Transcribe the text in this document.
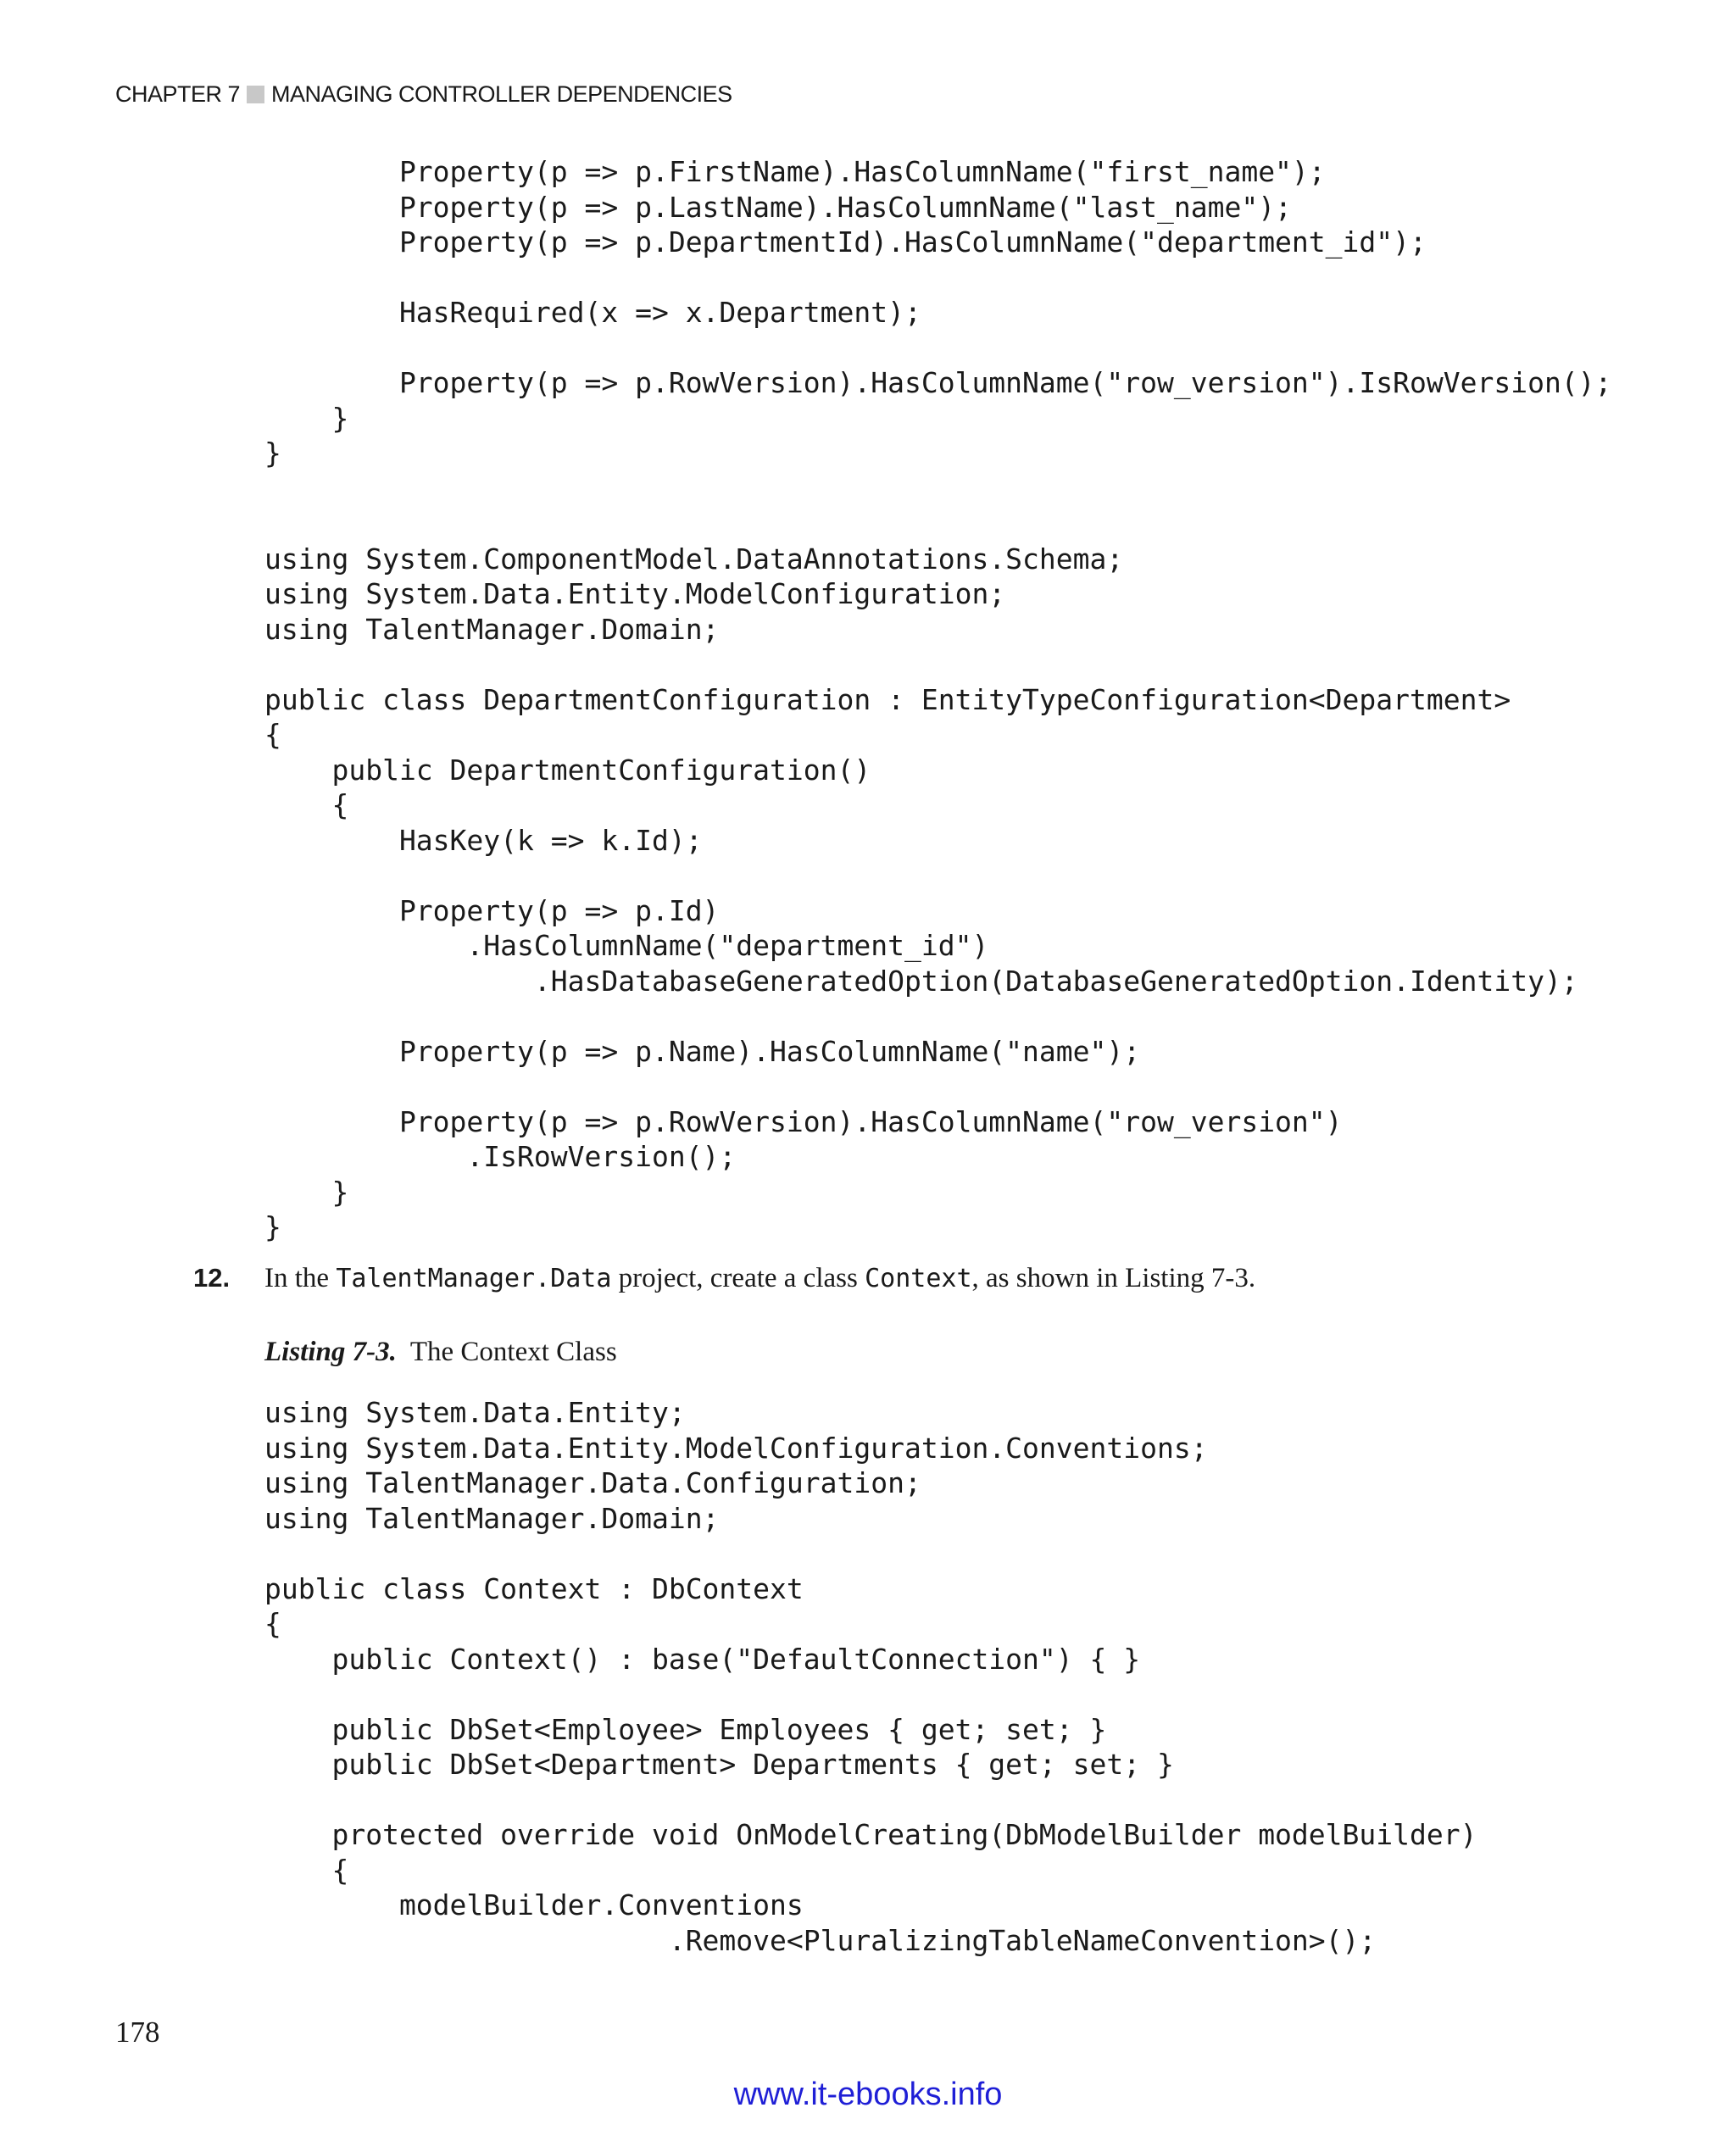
CHAPTER 7 MANAGING CONTROLLER DEPENDENCIES
Property(p => p.FirstName).HasColumnName("first_name");
Property(p => p.LastName).HasColumnName("last_name");
Property(p => p.DepartmentId).HasColumnName("department_id");

HasRequired(x => x.Department);

Property(p => p.RowVersion).HasColumnName("row_version").IsRowVersion();
}
}

using System.ComponentModel.DataAnnotations.Schema;
using System.Data.Entity.ModelConfiguration;
using TalentManager.Domain;

public class DepartmentConfiguration : EntityTypeConfiguration<Department>
{
public DepartmentConfiguration()
{
HasKey(k => k.Id);

Property(p => p.Id)
.HasColumnName("department_id")
.HasDatabaseGeneratedOption(DatabaseGeneratedOption.Identity);

Property(p => p.Name).HasColumnName("name");

Property(p => p.RowVersion).HasColumnName("row_version")
.IsRowVersion();
}
}
12. In the TalentManager.Data project, create a class Context, as shown in Listing 7-3.
Listing 7-3. The Context Class
using System.Data.Entity;
using System.Data.Entity.ModelConfiguration.Conventions;
using TalentManager.Data.Configuration;
using TalentManager.Domain;

public class Context : DbContext
{
public Context() : base("DefaultConnection") { }

public DbSet<Employee> Employees { get; set; }
public DbSet<Department> Departments { get; set; }

protected override void OnModelCreating(DbModelBuilder modelBuilder)
{
modelBuilder.Conventions
.Remove<PluralizingTableNameConvention>();
178
www.it-ebooks.info
